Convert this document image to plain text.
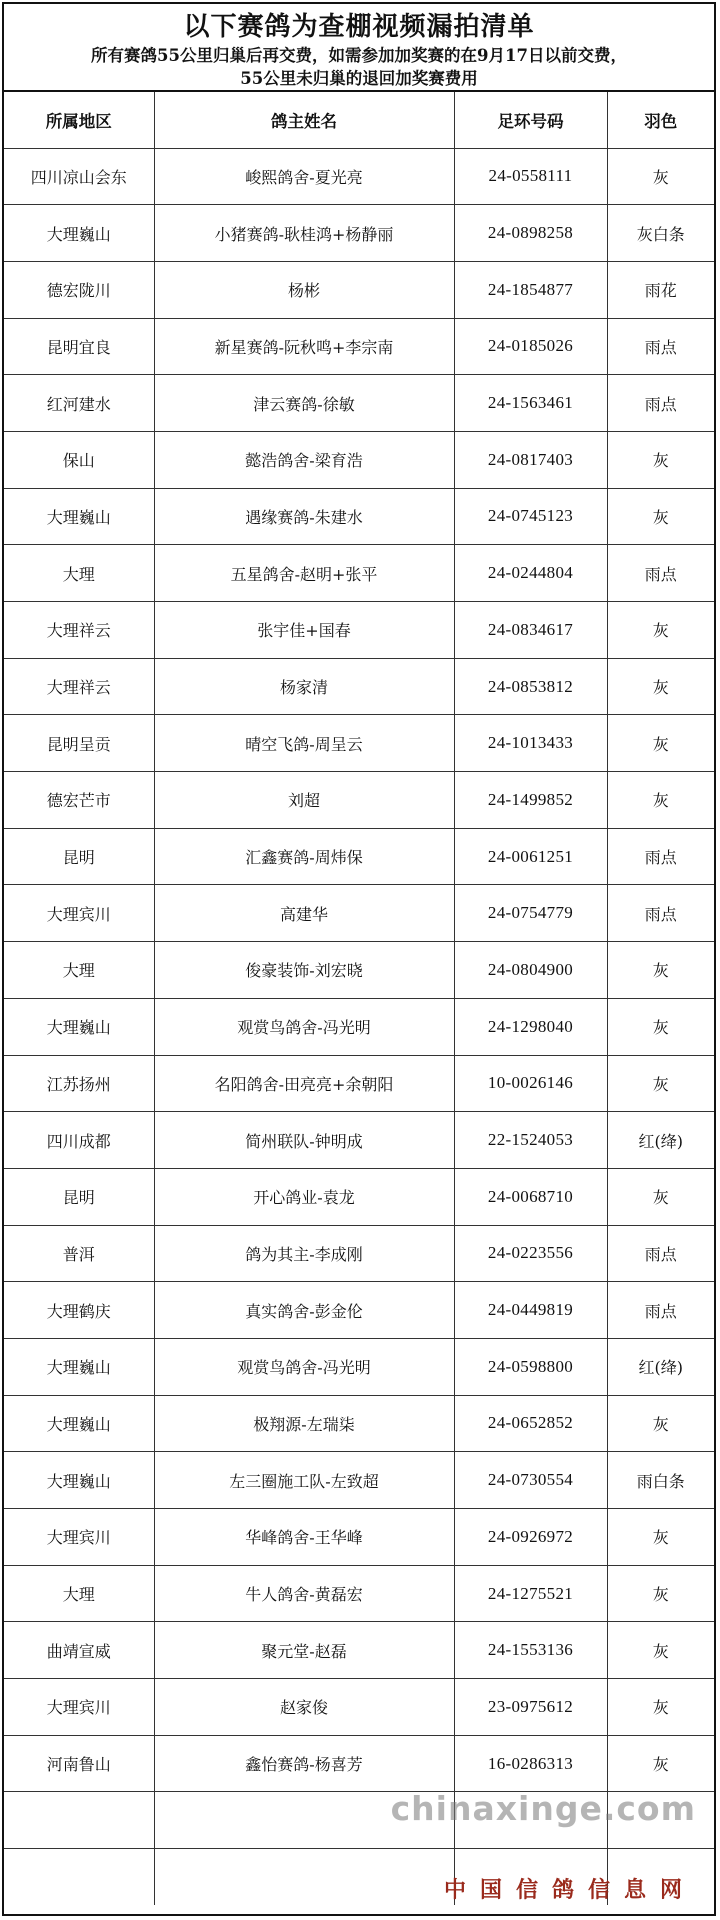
以下赛鸽为查棚视频漏拍清单
所有赛鸽55公里归巢后再交费，如需参加加奖赛的在9月17日以前交费，
55公里未归巢的退回加奖赛费用
所属地区	鸽主姓名	足环号码	羽色
四川凉山会东	峻熙鸽舍-夏光亮	24-0558111	灰
大理巍山	小猪赛鸽-耿桂鸿+杨静丽	24-0898258	灰白条
德宏陇川	杨彬	24-1854877	雨花
昆明宜良	新星赛鸽-阮秋鸣+李宗南	24-0185026	雨点
红河建水	津云赛鸽-徐敏	24-1563461	雨点
保山	懿浩鸽舍-梁育浩	24-0817403	灰
大理巍山	遇缘赛鸽-朱建水	24-0745123	灰
大理	五星鸽舍-赵明+张平	24-0244804	雨点
大理祥云	张宇佳+国春	24-0834617	灰
大理祥云	杨家清	24-0853812	灰
昆明呈贡	晴空飞鸽-周呈云	24-1013433	灰
德宏芒市	刘超	24-1499852	灰
昆明	汇鑫赛鸽-周炜保	24-0061251	雨点
大理宾川	高建华	24-0754779	雨点
大理	俊豪装饰-刘宏晓	24-0804900	灰
大理巍山	观赏鸟鸽舍-冯光明	24-1298040	灰
江苏扬州	名阳鸽舍-田亮亮+余朝阳	10-0026146	灰
四川成都	简州联队-钟明成	22-1524053	红(绛)
昆明	开心鸽业-袁龙	24-0068710	灰
普洱	鸽为其主-李成刚	24-0223556	雨点
大理鹤庆	真实鸽舍-彭金伦	24-0449819	雨点
大理巍山	观赏鸟鸽舍-冯光明	24-0598800	红(绛)
大理巍山	极翔源-左瑞柒	24-0652852	灰
大理巍山	左三圈施工队-左致超	24-0730554	雨白条
大理宾川	华峰鸽舍-王华峰	24-0926972	灰
大理	牛人鸽舍-黄磊宏	24-1275521	灰
曲靖宣威	聚元堂-赵磊	24-1553136	灰
大理宾川	赵家俊	23-0975612	灰
河南鲁山	鑫怡赛鸽-杨喜芳	16-0286313	灰

chinaxinge.com
中国信鸽信息网
